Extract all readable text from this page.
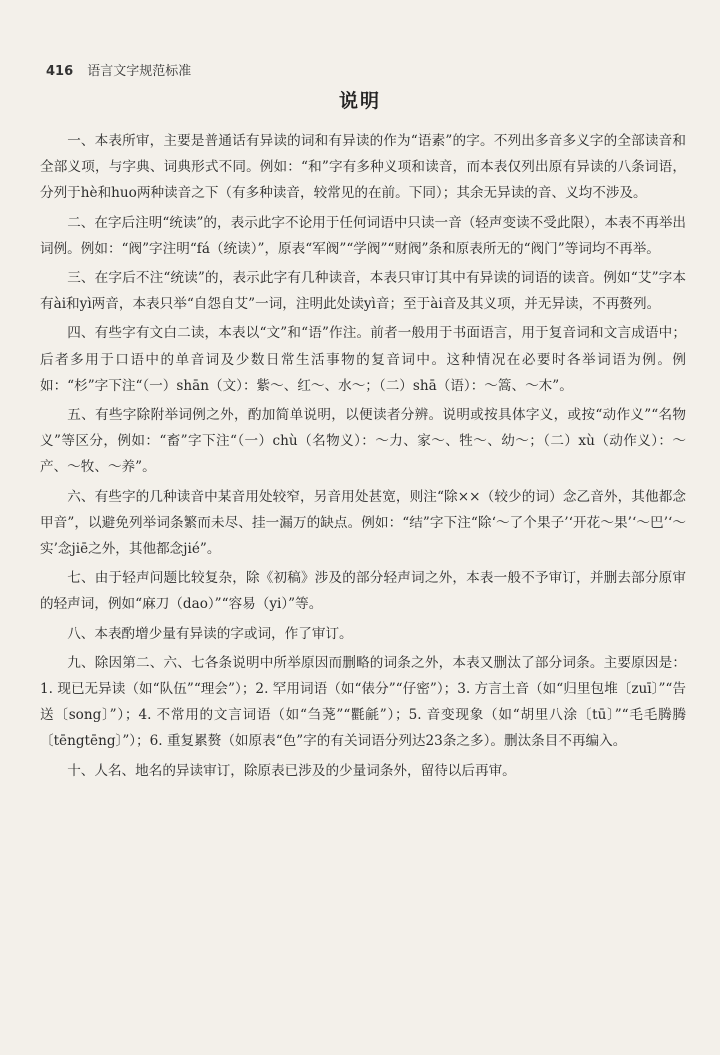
416 语言文字规范标准
说明

一、本表所审，主要是普通话有异读的词和有异读的作为“语素”的字。不列出多音多义字的全部读音和全部义项，与字典、词典形式不同。例如：“和”字有多种义项和读音，而本表仅列出原有异读的八条词语，分列于hè和huo两种读音之下（有多种读音，较常见的在前。下同）；其余无异读的音、义均不涉及。

二、在字后注明“统读”的，表示此字不论用于任何词语中只读一音（轻声变读不受此限），本表不再举出词例。例如：“阀”字注明“fá（统读）”，原表“军阀”“学阀”“财阀”条和原表所无的“阀门”等词均不再举。

三、在字后不注“统读”的，表示此字有几种读音，本表只审订其中有异读的词语的读音。例如“艾”字本有ài和yì两音，本表只举“自怨自艾”一词，注明此处读yì音；至于ài音及其义项，并无异读，不再赘列。

四、有些字有文白二读，本表以“文”和“语”作注。前者一般用于书面语言，用于复音词和文言成语中；后者多用于口语中的单音词及少数日常生活事物的复音词中。这种情况在必要时各举词语为例。例如：“杉”字下注“（一）shān（文）：紫～、红～、水～；（二）shā（语）：～篙、～木”。

五、有些字除附举词例之外，酌加简单说明，以便读者分辨。说明或按具体字义，或按“动作义”“名物义”等区分，例如：“畜”字下注“（一）chù（名物义）：～力、家～、牲～、幼～；（二）xù（动作义）：～产、～牧、～养”。

六、有些字的几种读音中某音用处较窄，另音用处甚宽，则注“除××（较少的词）念乙音外，其他都念甲音”，以避免列举词条繁而未尽、挂一漏万的缺点。例如：“结”字下注“除‘～了个果子’‘开花～果’‘～巴’‘～实’念jiē之外，其他都念jié”。

七、由于轻声问题比较复杂，除《初稿》涉及的部分轻声词之外，本表一般不予审订，并删去部分原审的轻声词，例如“麻刀（dao）”“容易（yi）”等。

八、本表酌增少量有异读的字或词，作了审订。

九、除因第二、六、七各条说明中所举原因而删略的词条之外，本表又删汰了部分词条。主要原因是：1. 现已无异读（如“队伍”“理会”）；2. 罕用词语（如“俵分”“仔密”）；3. 方言土音（如“归里包堆〔zuī〕”“告送〔song〕”）；4. 不常用的文言词语（如“刍荛”“氍毹”）；5. 音变现象（如“胡里八涂〔tū〕”“毛毛腾腾〔tēngtēng〕”）；6. 重复累赘（如原表“色”字的有关词语分列达23条之多）。删汰条目不再编入。

十、人名、地名的异读审订，除原表已涉及的少量词条外，留待以后再审。
